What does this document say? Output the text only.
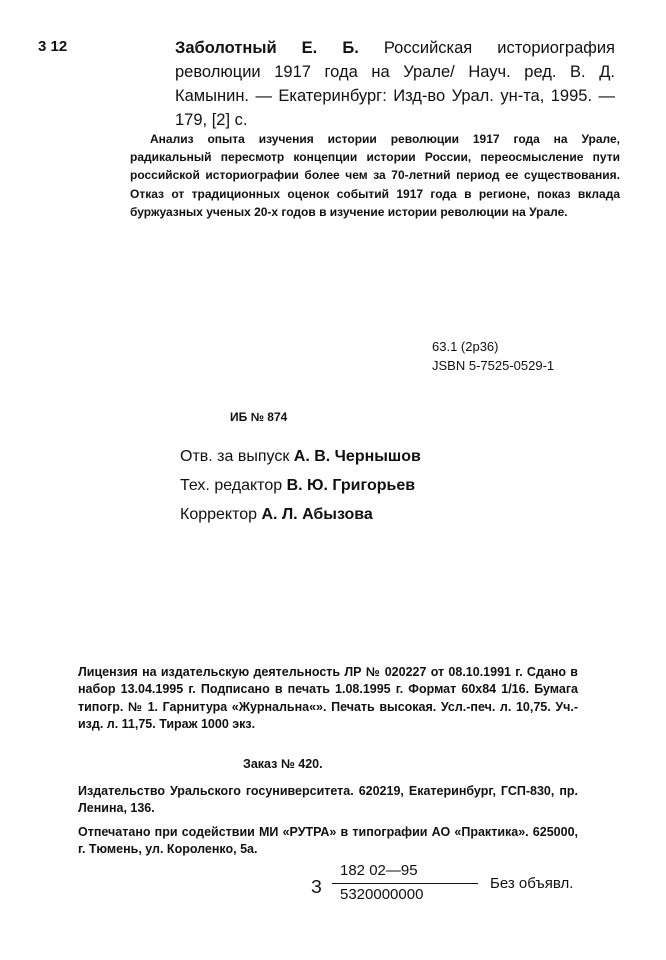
3 12	Заболотный Е. Б. Российская историография революции 1917 года на Урале/ Науч. ред. В. Д. Камынин. — Екатеринбург: Изд-во Урал. ун-та, 1995. — 179, [2] с.
Анализ опыта изучения истории революции 1917 года на Урале, радикальный пересмотр концепции истории России, переосмысление пути российской историографии более чем за 70-летний период ее существования. Отказ от традиционных оценок событий 1917 года в регионе, показ вклада буржуазных ученых 20-х годов в изучение истории революции на Урале.
63.1 (2р36)
JSBN 5-7525-0529-1
ИБ № 874
Отв. за выпуск А. В. Чернышов
Тех. редактор В. Ю. Григорьев
Корректор А. Л. Абызова
Лицензия на издательскую деятельность ЛР № 020227 от 08.10.1991 г. Сдано в набор 13.04.1995 г. Подписано в печать 1.08.1995 г. Формат 60х84 1/16. Бумага типогр. № 1. Гарнитура «Журнальна«». Печать высокая. Усл.-печ. л. 10,75. Уч.-изд. л. 11,75. Тираж 1000 экз.
Заказ № 420.
Издательство Уральского госуниверситета. 620219, Екатеринбург, ГСП-830, пр. Ленина, 136.
Отпечатано при содействии МИ «РУТРА» в типографии АО «Практика». 625000, г. Тюмень, ул. Короленко, 5а.
З
182 02—95
5320000000
Без объявл.
